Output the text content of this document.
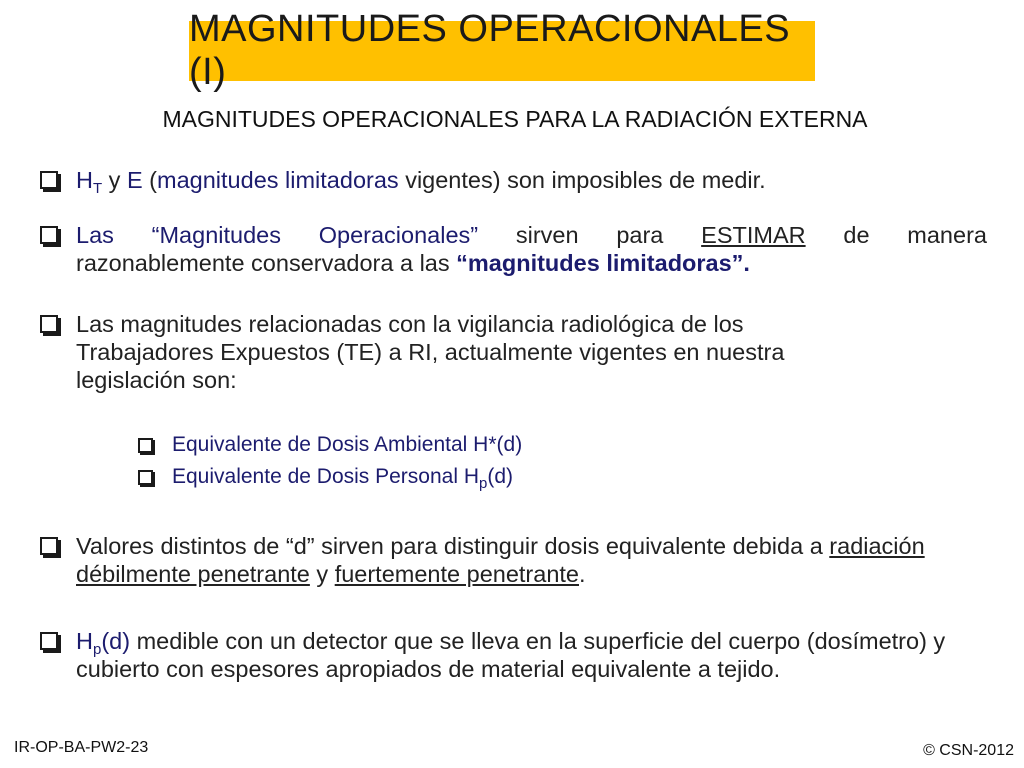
MAGNITUDES OPERACIONALES (I)
MAGNITUDES OPERACIONALES PARA LA RADIACIÓN EXTERNA
$H_T$ y E (magnitudes limitadoras vigentes) son imposibles de medir.
Las “Magnitudes Operacionales” sirven para ESTIMAR de manera
razonablemente conservadora a las “magnitudes limitadoras”.
Las magnitudes relacionadas con la vigilancia radiológica de los Trabajadores Expuestos (TE) a RI, actualmente vigentes en nuestra legislación son:
Equivalente de Dosis Ambiental H*(d)
Equivalente de Dosis Personal $H_p(d)$
Valores distintos de “d” sirven para distinguir dosis equivalente debida a radiación débilmente penetrante y fuertemente penetrante.
$H_p(d)$ medible con un detector que se lleva en la superficie del cuerpo (dosímetro) y cubierto con espesores apropiados de material equivalente a tejido.
IR-OP-BA-PW2-23	© CSN-2012
